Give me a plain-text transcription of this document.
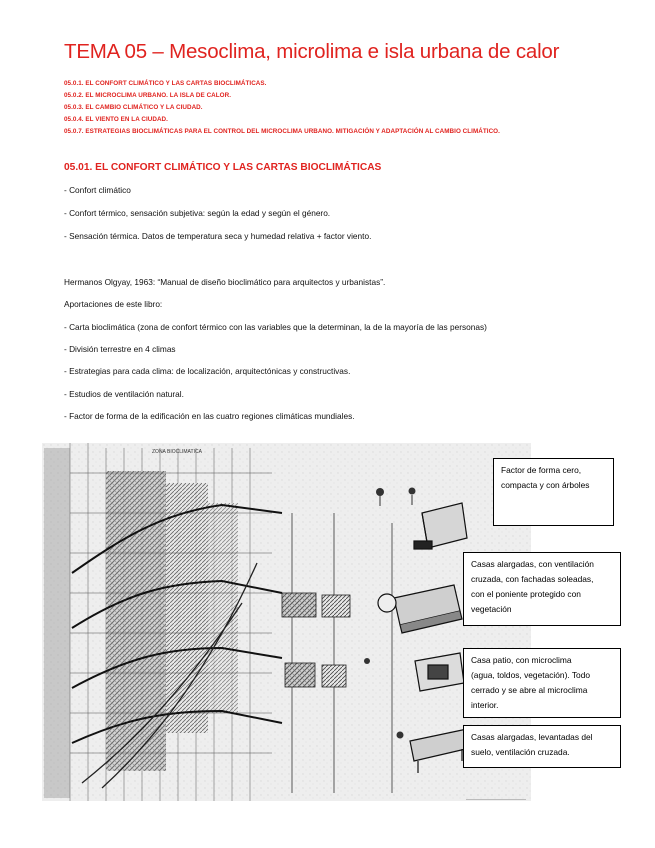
TEMA 05 – Mesoclima, microlima e isla urbana de calor
05.0.1. EL CONFORT CLIMÁTICO Y LAS CARTAS BIOCLIMÁTICAS.
05.0.2. EL MICROCLIMA URBANO. LA ISLA DE CALOR.
05.0.3. EL CAMBIO CLIMÁTICO Y LA CIUDAD.
05.0.4. EL VIENTO EN LA CIUDAD.
05.0.7. ESTRATEGIAS BIOCLIMÁTICAS PARA EL CONTROL DEL MICROCLIMA URBANO. MITIGACIÓN Y ADAPTACIÓN AL CAMBIO CLIMÁTICO.
05.01. EL CONFORT CLIMÁTICO Y LAS CARTAS BIOCLIMÁTICAS
- Confort climático
- Confort térmico, sensación subjetiva: según la edad y según el género.
- Sensación térmica. Datos de temperatura seca y humedad relativa + factor viento.
Hermanos Olgyay, 1963: “Manual de diseño bioclimático para arquitectos y urbanistas”.
Aportaciones de este libro:
- Carta bioclimática (zona de confort térmico con las variables que la determinan, la de la mayoría de las personas)
- División terrestre en 4 climas
- Estrategias para cada clima: de localización, arquitectónicas y constructivas.
- Estudios de ventilación natural.
- Factor de forma de la edificación en las cuatro regiones climáticas mundiales.
ZONA BIOCLIMATICA
Factor de forma cero,
compacta y con árboles
Casas alargadas, con ventilación
cruzada, con fachadas soleadas,
con el poniente protegido con
vegetación
Casa patio, con microclima
(agua, toldos, vegetación). Todo
cerrado y se abre al microclima
interior.
Casas alargadas, levantadas del
suelo, ventilación cruzada.
